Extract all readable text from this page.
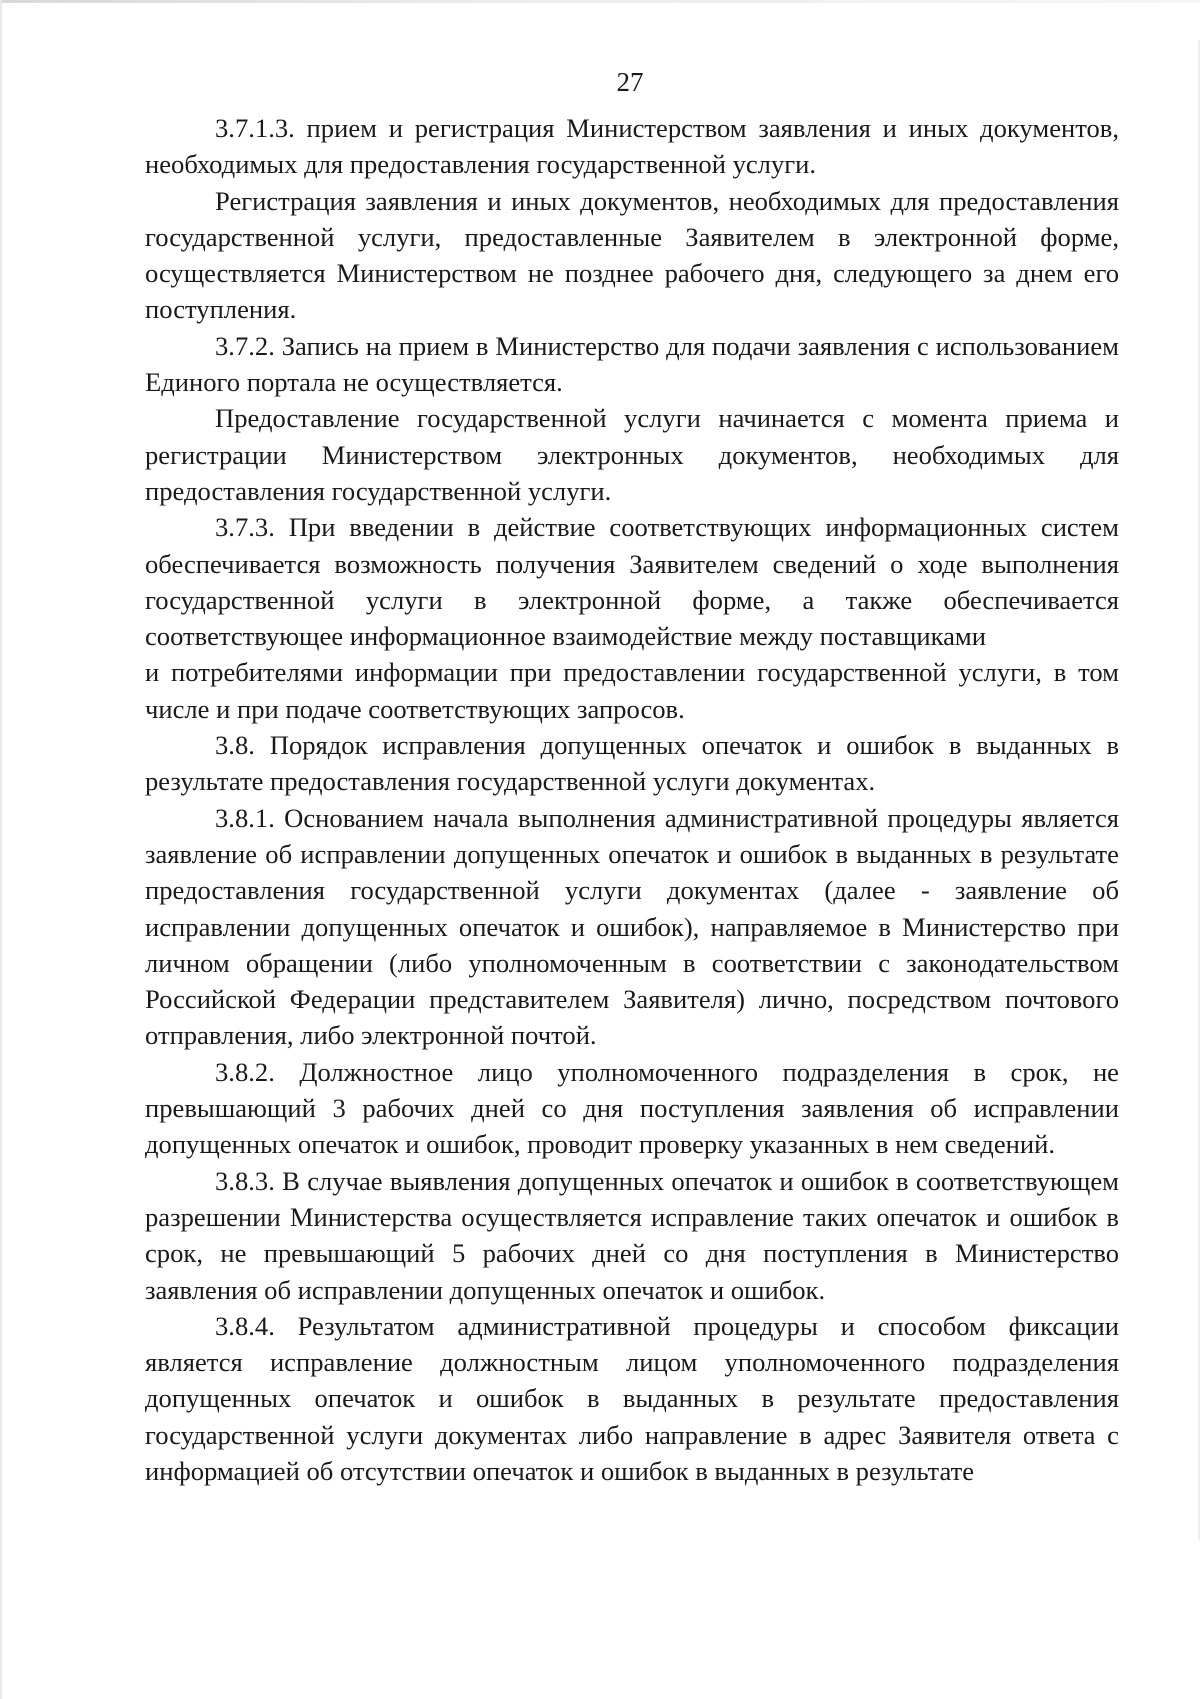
27

3.7.1.3. прием и регистрация Министерством заявления и иных документов, необходимых для предоставления государственной услуги.

Регистрация заявления и иных документов, необходимых для предоставления государственной услуги, предоставленные Заявителем в электронной форме, осуществляется Министерством не позднее рабочего дня, следующего за днем его поступления.

3.7.2. Запись на прием в Министерство для подачи заявления с использованием Единого портала не осуществляется.

Предоставление государственной услуги начинается с момента приема и регистрации Министерством электронных документов, необходимых для предоставления государственной услуги.

3.7.3. При введении в действие соответствующих информационных систем обеспечивается возможность получения Заявителем сведений о ходе выполнения государственной услуги в электронной форме, а также обеспечивается соответствующее информационное взаимодействие между поставщиками

и потребителями информации при предоставлении государственной услуги, в том числе и при подаче соответствующих запросов.

3.8. Порядок исправления допущенных опечаток и ошибок в выданных в результате предоставления государственной услуги документах.

3.8.1. Основанием начала выполнения административной процедуры является заявление об исправлении допущенных опечаток и ошибок в выданных в результате предоставления государственной услуги документах (далее - заявление об исправлении допущенных опечаток и ошибок), направляемое в Министерство при личном обращении (либо уполномоченным в соответствии с законодательством Российской Федерации представителем Заявителя) лично, посредством почтового отправления, либо электронной почтой.

3.8.2. Должностное лицо уполномоченного подразделения в срок, не превышающий 3 рабочих дней со дня поступления заявления об исправлении допущенных опечаток и ошибок, проводит проверку указанных в нем сведений.

3.8.3. В случае выявления допущенных опечаток и ошибок в соответствующем разрешении Министерства осуществляется исправление таких опечаток и ошибок в срок, не превышающий 5 рабочих дней со дня поступления в Министерство заявления об исправлении допущенных опечаток и ошибок.

3.8.4. Результатом административной процедуры и способом фиксации является исправление должностным лицом уполномоченного подразделения допущенных опечаток и ошибок в выданных в результате предоставления государственной услуги документах либо направление в адрес Заявителя ответа с информацией об отсутствии опечаток и ошибок в выданных в результате
